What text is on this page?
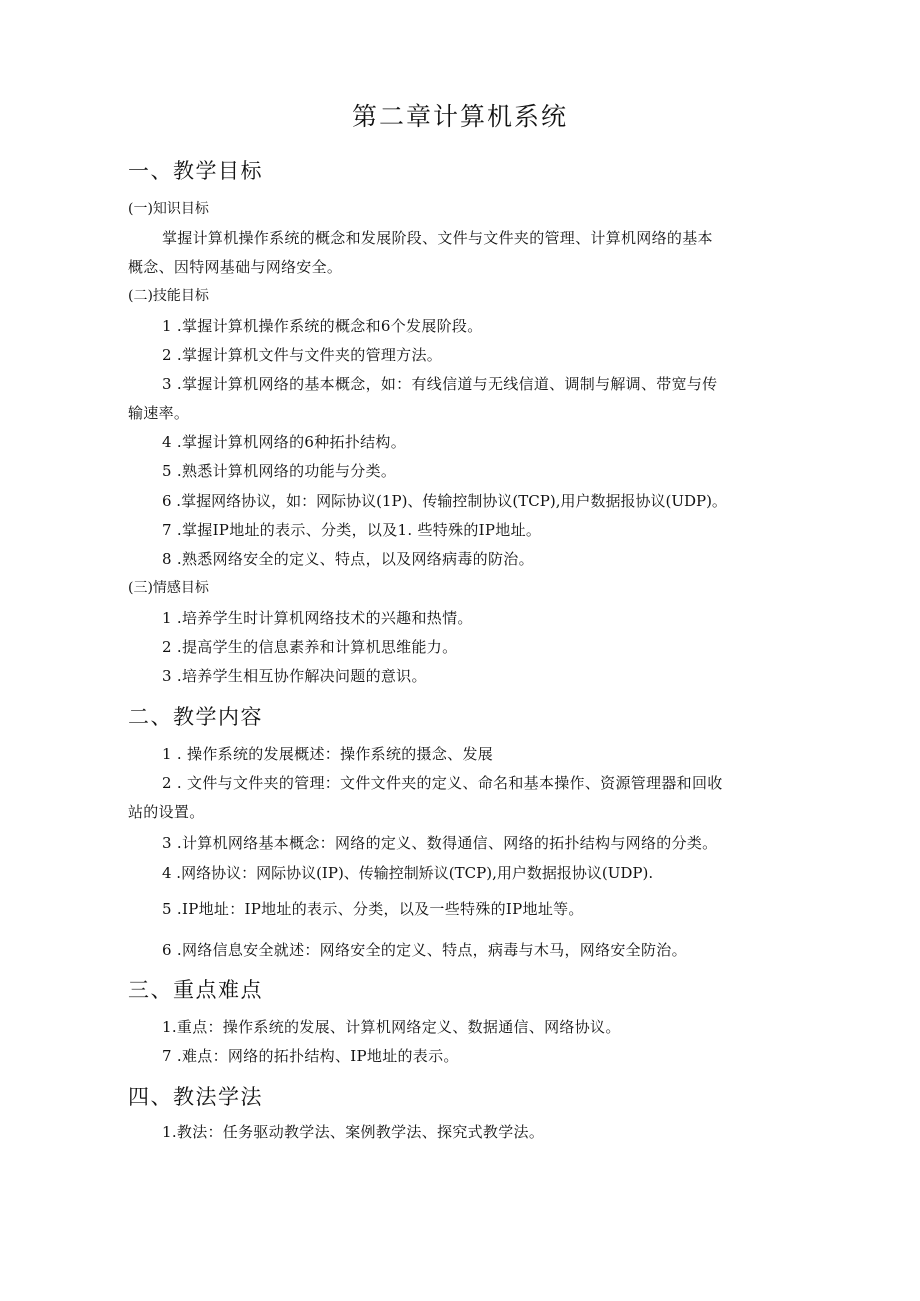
第二章计算机系统
一、教学目标
(一)知识目标
掌握计算机操作系统的概念和发展阶段、文件与文件夹的管理、计算机网络的基本
概念、因特网基础与网络安全。
(二)技能目标
1 .掌握计算机操作系统的概念和6个发展阶段。
2 .掌握计算机文件与文件夹的管理方法。
3 .掌握计算机网络的基本概念，如：有线信道与无线信道、调制与解调、带宽与传
输速率。
4 .掌握计算机网络的6种拓扑结构。
5 .熟悉计算机网络的功能与分类。
6 .掌握网络协议，如：网际协议(1P)、传输控制协议(TCP),用户数据报协议(UDP)。
7 .掌握IP地址的表示、分类，以及1. 些特殊的IP地址。
8 .熟悉网络安全的定义、特点，以及网络病毒的防治。
(三)情感目标
1 .培养学生时计算机网络技术的兴趣和热情。
2 .提高学生的信息素养和计算机思维能力。
3 .培养学生相互协作解决问题的意识。
二、教学内容
1 . 操作系统的发展概述：操作系统的摄念、发展
2 . 文件与文件夹的管理：文件文件夹的定义、命名和基本操作、资源管理器和回收
站的设置。
3 .计算机网络基本概念：网络的定义、数得通信、网络的拓扑结构与网络的分类。
4 .网络协议：网际协议(IP)、传输控制矫议(TCP),用户数据报协议(UDP).
5 .IP地址：IP地址的表示、分类，以及一些特殊的IP地址等。
6 .网络信息安全就述：网络安全的定义、特点，病毒与木马，网络安全防治。
三、重点难点
1.重点：操作系统的发展、计算机网络定义、数据通信、网络协议。
7 .难点：网络的拓扑结构、IP地址的表示。
四、教法学法
1.教法：任务驱动教学法、案例教学法、探究式教学法。
